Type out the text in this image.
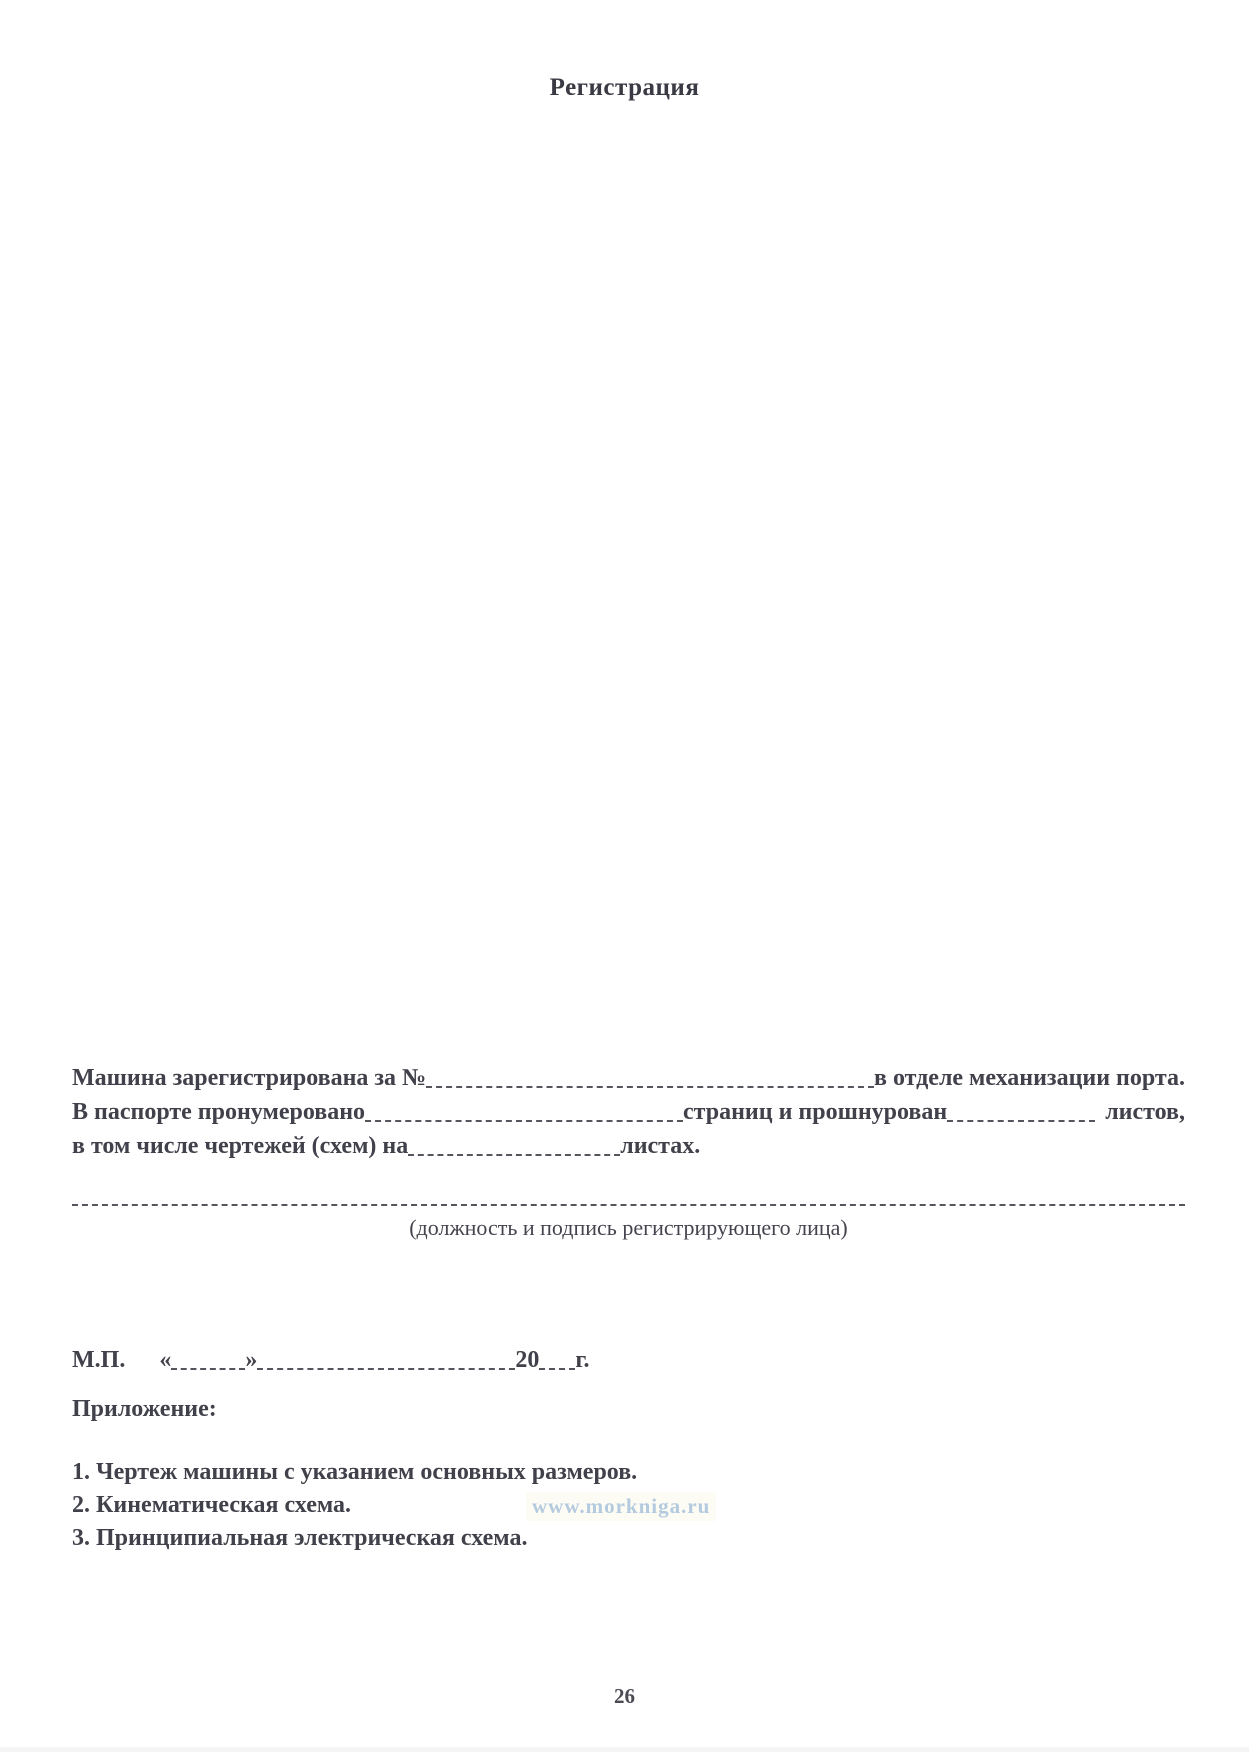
Регистрация
Машина зарегистрирована за №	в отделе механизации порта.
В паспорте пронумеровано	страниц и прошнурован	листов,
в том числе чертежей (схем) на	листах.
(должность и подпись регистрирующего лица)
М.П. «	»	20 г.
Приложение:
1. Чертеж машины с указанием основных размеров.
2. Кинематическая схема.
3. Принципиальная электрическая схема.
www.morkniga.ru
26
